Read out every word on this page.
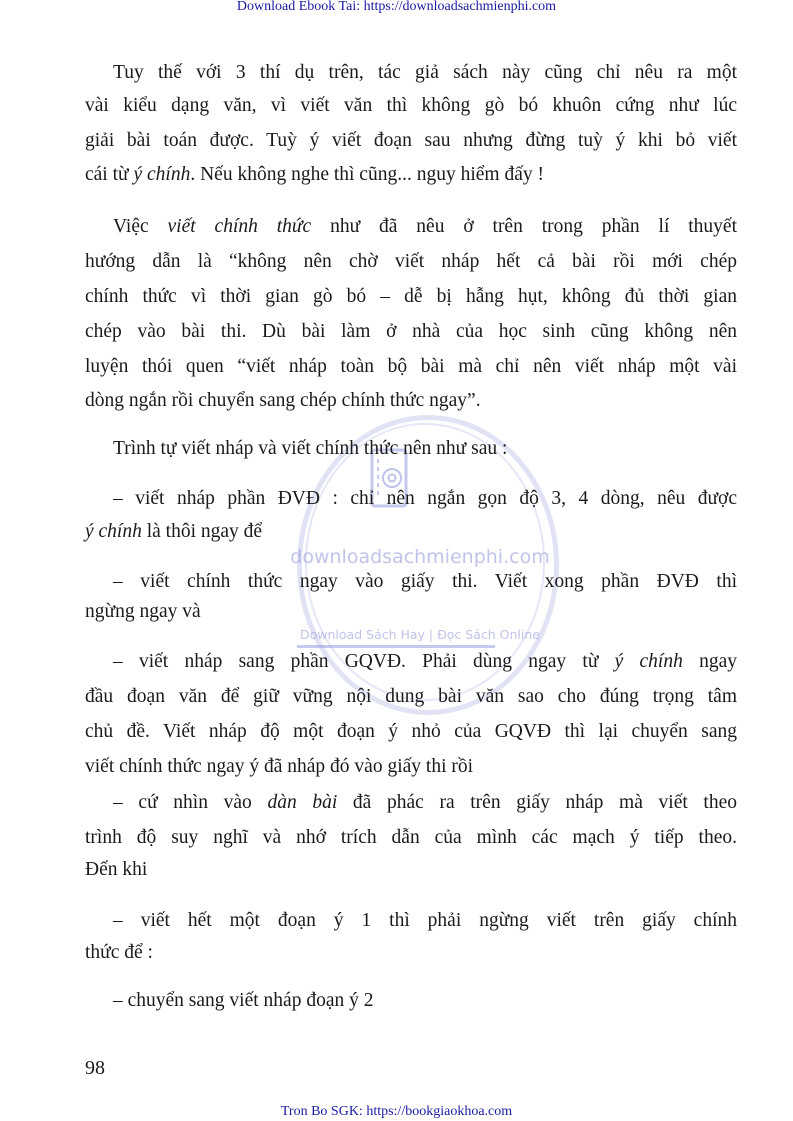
Download Ebook Tai: https://downloadsachmienphi.com
downloadsachmienphi.com
Download Sách Hay | Đọc Sách Online
Tuy thế với 3 thí dụ trên, tác giả sách này cũng chỉ nêu ra một
vài kiểu dạng văn, vì viết văn thì không gò bó khuôn cứng như lúc
giải bài toán được. Tuỳ ý viết đoạn sau nhưng đừng tuỳ ý khi bỏ viết
cái từ ý chính. Nếu không nghe thì cũng... nguy hiểm đấy !
Việc viết chính thức như đã nêu ở trên trong phần lí thuyết
hướng dẫn là “không nên chờ viết nháp hết cả bài rồi mới chép
chính thức vì thời gian gò bó – dễ bị hẫng hụt, không đủ thời gian
chép vào bài thi. Dù bài làm ở nhà của học sinh cũng không nên
luyện thói quen “viết nháp toàn bộ bài mà chỉ nên viết nháp một vài
dòng ngắn rồi chuyển sang chép chính thức ngay”.
Trình tự viết nháp và viết chính thức nên như sau :
– viết nháp phần ĐVĐ : chỉ nên ngắn gọn độ 3, 4 dòng, nêu được
ý chính là thôi ngay để
– viết chính thức ngay vào giấy thi. Viết xong phần ĐVĐ thì
ngừng ngay và
– viết nháp sang phần GQVĐ. Phải dùng ngay từ ý chính ngay
đầu đoạn văn để giữ vững nội dung bài văn sao cho đúng trọng tâm
chủ đề. Viết nháp độ một đoạn ý nhỏ của GQVĐ thì lại chuyển sang
viết chính thức ngay ý đã nháp đó vào giấy thi rồi
– cứ nhìn vào dàn bài đã phác ra trên giấy nháp mà viết theo
trình độ suy nghĩ và nhớ trích dẫn của mình các mạch ý tiếp theo.
Đến khi
– viết hết một đoạn ý 1 thì phải ngừng viết trên giấy chính
thức để :
– chuyển sang viết nháp đoạn ý 2
98
Tron Bo SGK: https://bookgiaokhoa.com
